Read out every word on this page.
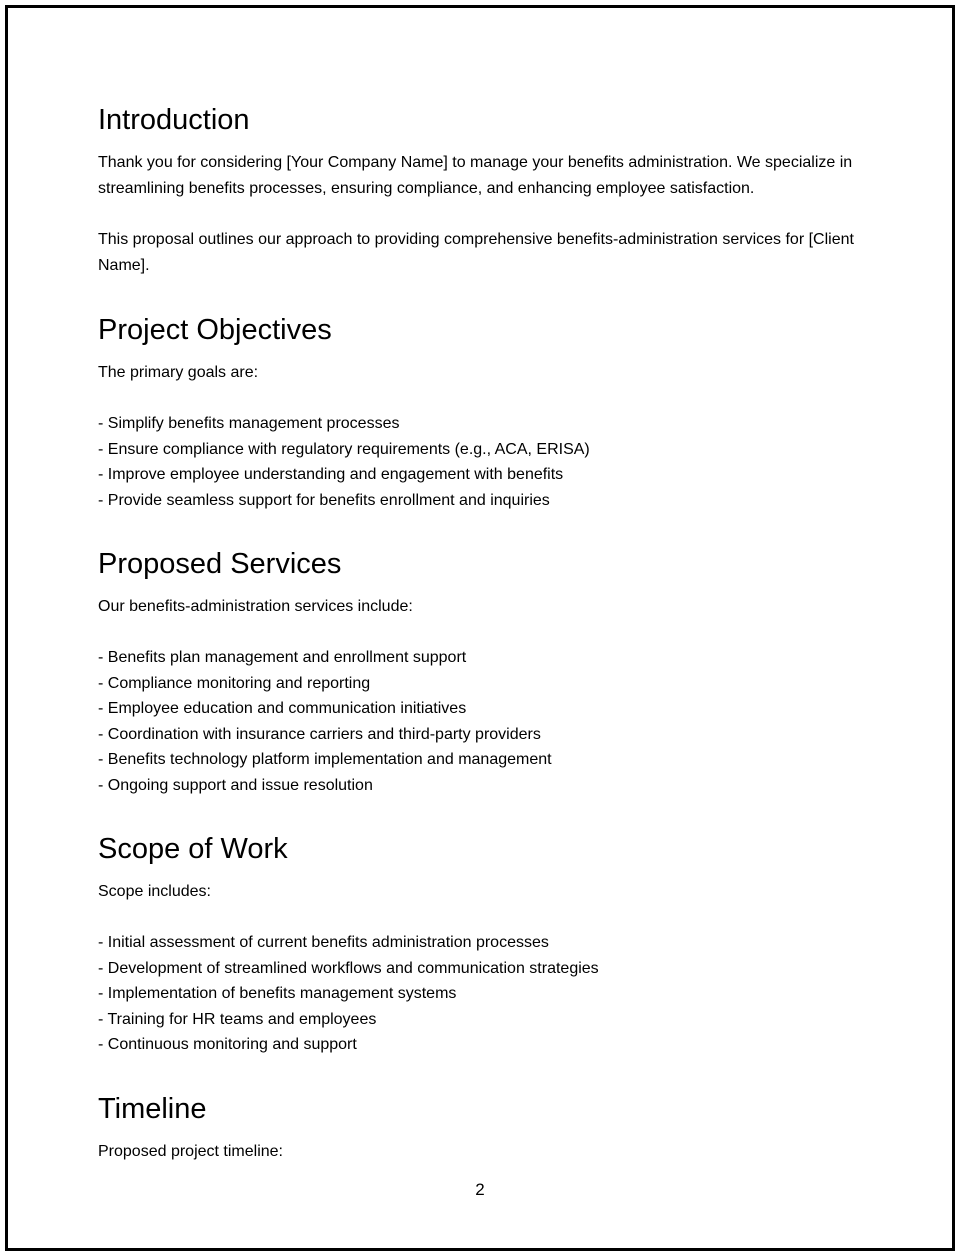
Introduction

Thank you for considering [Your Company Name] to manage your benefits administration. We specialize in streamlining benefits processes, ensuring compliance, and enhancing employee satisfaction.

This proposal outlines our approach to providing comprehensive benefits-administration services for [Client Name].

Project Objectives

The primary goals are:

- Simplify benefits management processes
- Ensure compliance with regulatory requirements (e.g., ACA, ERISA)
- Improve employee understanding and engagement with benefits
- Provide seamless support for benefits enrollment and inquiries
Proposed Services

Our benefits-administration services include:

- Benefits plan management and enrollment support
- Compliance monitoring and reporting
- Employee education and communication initiatives
- Coordination with insurance carriers and third-party providers
- Benefits technology platform implementation and management
- Ongoing support and issue resolution
Scope of Work

Scope includes:

- Initial assessment of current benefits administration processes
- Development of streamlined workflows and communication strategies
- Implementation of benefits management systems
- Training for HR teams and employees
- Continuous monitoring and support
Timeline

Proposed project timeline:

2
